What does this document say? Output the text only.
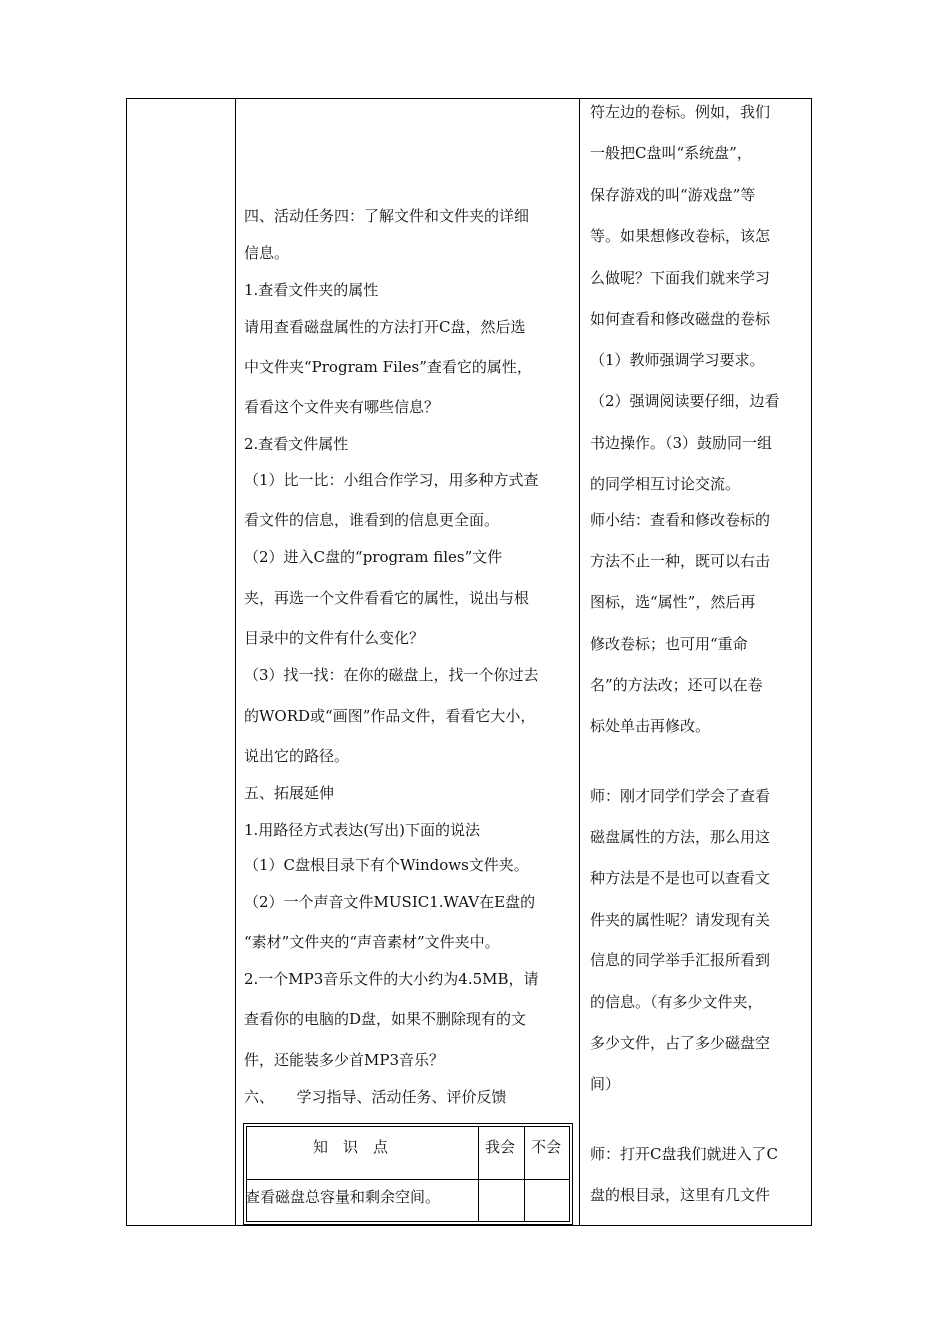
四、活动任务四：了解文件和文件夹的详细
信息。
1.查看文件夹的属性
请用查看磁盘属性的方法打开C盘，然后选
中文件夹“Program Files”查看它的属性，
看看这个文件夹有哪些信息？
2.查看文件属性
（1）比一比：小组合作学习，用多种方式查
看文件的信息，谁看到的信息更全面。
（2）进入C盘的“program files”文件
夹，再选一个文件看看它的属性，说出与根
目录中的文件有什么变化？
（3）找一找：在你的磁盘上，找一个你过去
的WORD或“画图”作品文件，看看它大小，
说出它的路径。
五、拓展延伸
1.用路径方式表达(写出)下面的说法
（1）C盘根目录下有个Windows文件夹。
（2）一个声音文件MUSIC1.WAV在E盘的
“素材”文件夹的“声音素材”文件夹中。
2.一个MP3音乐文件的大小约为4.5MB，请
查看你的电脑的D盘，如果不删除现有的文
件，还能装多少首MP3音乐？
六、　　学习指导、活动任务、评价反馈
知　识　点	我会 不会
查看磁盘总容量和剩余空间。
符左边的卷标。例如，我们
一般把C盘叫“系统盘”，
保存游戏的叫“游戏盘”等
等。如果想修改卷标，该怎
么做呢？下面我们就来学习
如何查看和修改磁盘的卷标
（1）教师强调学习要求。
（2）强调阅读要仔细，边看
书边操作。（3）鼓励同一组
的同学相互讨论交流。
师小结：查看和修改卷标的
方法不止一种，既可以右击
图标，选“属性”，然后再
修改卷标；也可用“重命
名”的方法改；还可以在卷
标处单击再修改。
师：刚才同学们学会了查看
磁盘属性的方法，那么用这
种方法是不是也可以查看文
件夹的属性呢？请发现有关
信息的同学举手汇报所看到
的信息。（有多少文件夹，
多少文件，占了多少磁盘空
间）
师：打开C盘我们就进入了C
盘的根目录，这里有几文件
